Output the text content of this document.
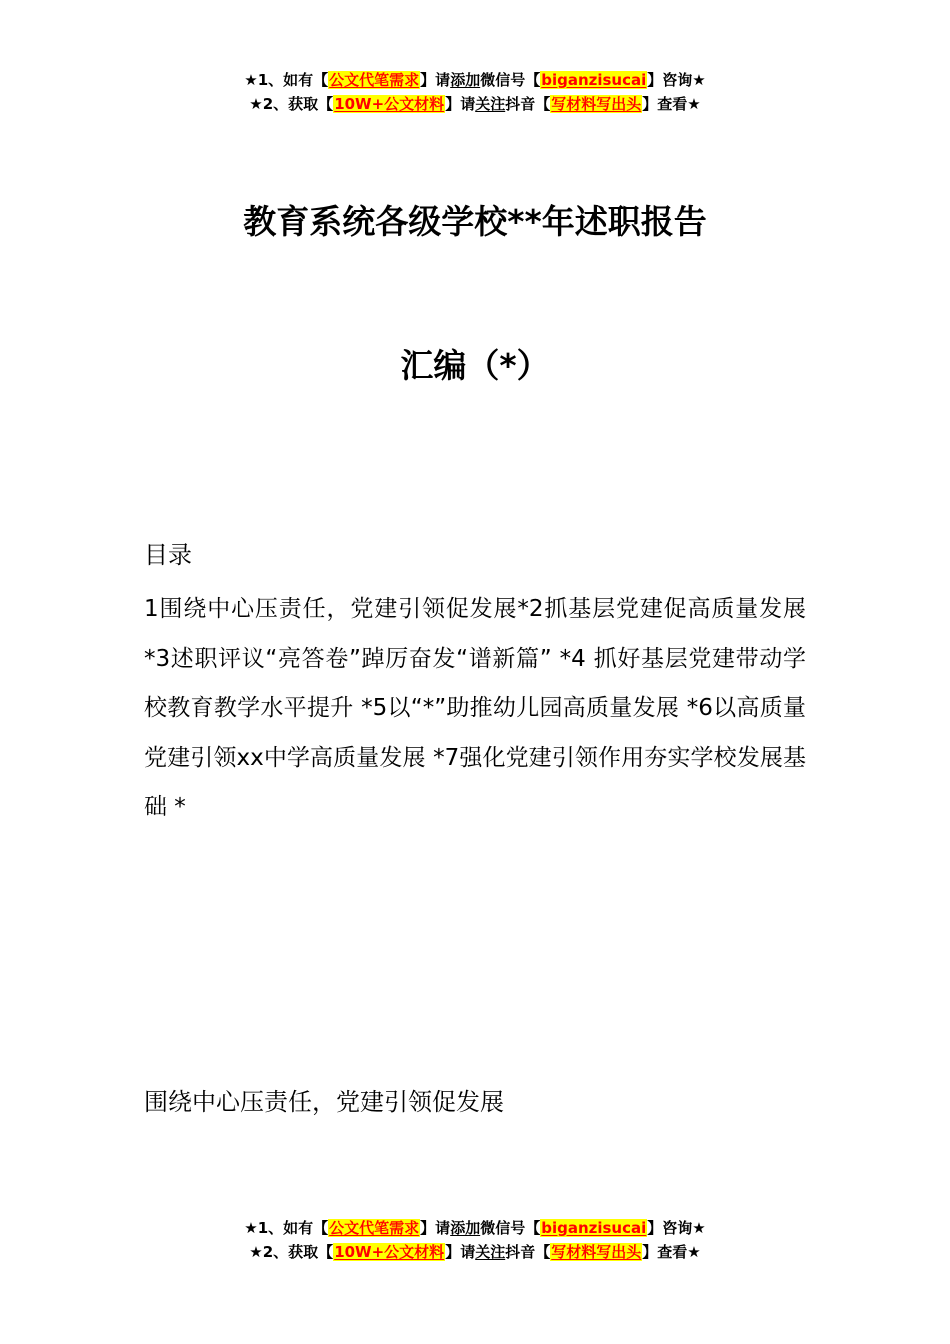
★1、如有【公文代笔需求】请添加微信号【biganzisucai】咨询★
★2、获取【10W+公文材料】请关注抖音【写材料写出头】查看★
教育系统各级学校**年述职报告
汇编（*）
目录
1围绕中心压责任，党建引领促发展*2抓基层党建促高质量发展 *3述职评议“亮答卷”踔厉奋发“谱新篇” *4 抓好基层党建带动学校教育教学水平提升 *5以“*”助推幼儿园高质量发展 *6以高质量党建引领xx中学高质量发展 *7强化党建引领作用夯实学校发展基础 *
围绕中心压责任，党建引领促发展
★1、如有【公文代笔需求】请添加微信号【biganzisucai】咨询★
★2、获取【10W+公文材料】请关注抖音【写材料写出头】查看★
